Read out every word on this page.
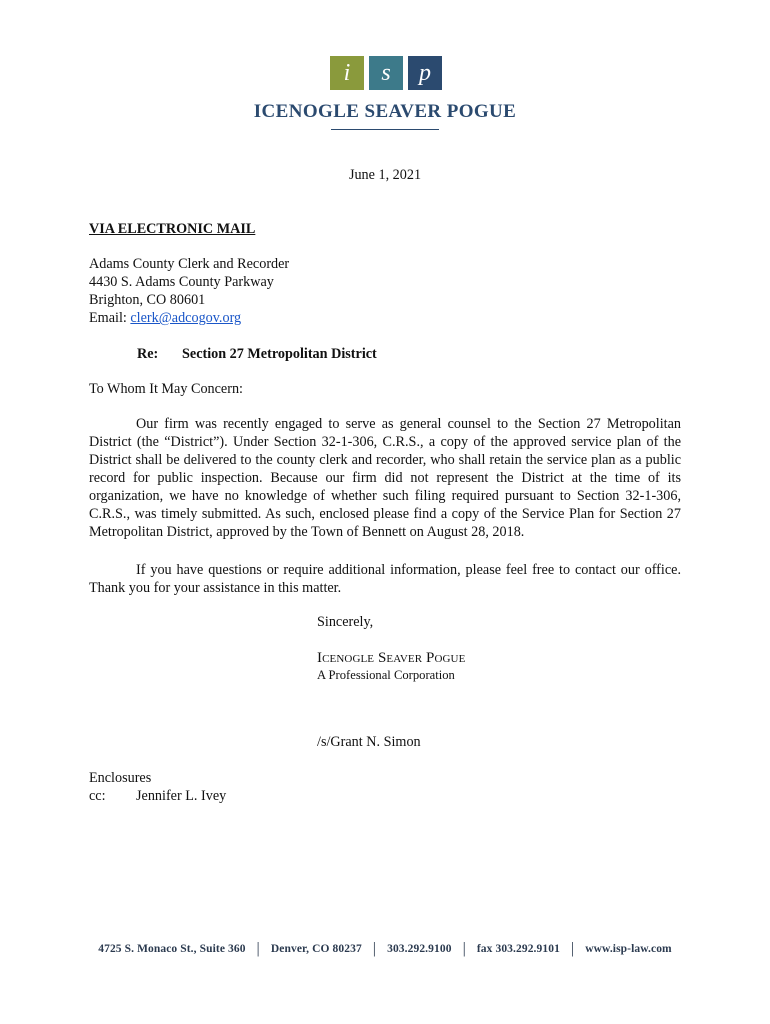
i	s	p
ICENOGLE SEAVER POGUE
June 1, 2021
VIA ELECTRONIC MAIL
Adams County Clerk and Recorder
4430 S. Adams County Parkway
Brighton, CO 80601
Email: clerk@adcogov.org
Re: Section 27 Metropolitan District
To Whom It May Concern:
Our firm was recently engaged to serve as general counsel to the Section 27 Metropolitan District (the “District”). Under Section 32-1-306, C.R.S., a copy of the approved service plan of the District shall be delivered to the county clerk and recorder, who shall retain the service plan as a public record for public inspection. Because our firm did not represent the District at the time of its organization, we have no knowledge of whether such filing required pursuant to Section 32-1-306, C.R.S., was timely submitted. As such, enclosed please find a copy of the Service Plan for Section 27 Metropolitan District, approved by the Town of Bennett on August 28, 2018.
If you have questions or require additional information, please feel free to contact our office. Thank you for your assistance in this matter.
Sincerely,
Icenogle Seaver Pogue
A Professional Corporation
/s/Grant N. Simon
Enclosures
cc: Jennifer L. Ivey
4725 S. Monaco St., Suite 360 | Denver, CO 80237 | 303.292.9100 | fax 303.292.9101 | www.isp-law.com
